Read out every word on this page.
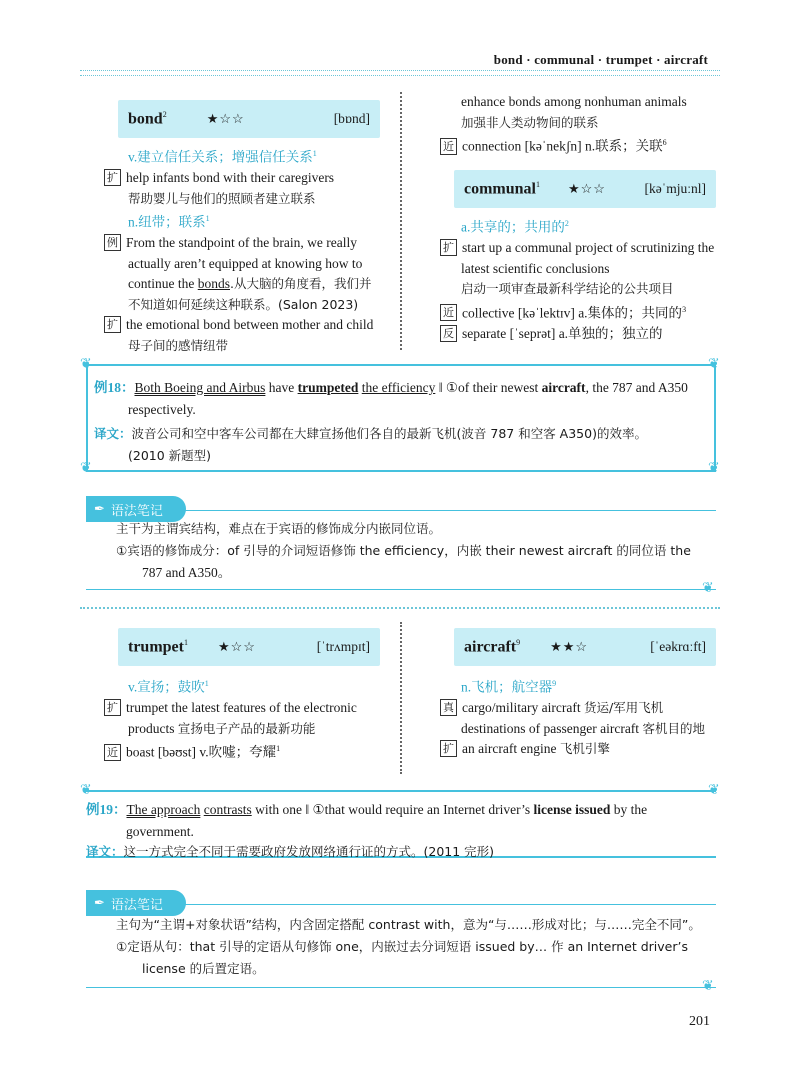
bond · communal · trumpet · aircraft
bond$^2$	★☆☆	[bɒnd]
v.建立信任关系；增强信任关系$^1$
扩 help infants bond with their caregivers
帮助婴儿与他们的照顾者建立联系
n.纽带；联系$^1$
例 From the standpoint of the brain, we really
actually aren’t equipped at knowing how to
continue the bonds.从大脑的角度看，我们并
不知道如何延续这种联系。(Salon 2023)
扩 the emotional bond between mother and child
母子间的感情纽带
enhance bonds among nonhuman animals
加强非人类动物间的联系
近 connection [kəˈnekʃn] n.联系；关联$^6$
communal$^1$ ★☆☆	[kəˈmjuːnl]
a.共享的；共用的$^2$
扩 start up a communal project of scrutinizing the
latest scientific conclusions
启动一项审查最新科学结论的公共项目
近 collective [kəˈlektɪv] a.集体的；共同的$^3$
反 separate [ˈseprət] a.单独的；独立的
例18：Both Boeing and Airbus have trumpeted the efficiency ‖ ①of their newest aircraft, the 787 and A350
respectively.
译文：波音公司和空中客车公司都在大肆宣扬他们各自的最新飞机(波音 787 和空客 A350)的效率。
(2010 新题型)
❦	❦
❦	❦
✒ 语法笔记
主干为主谓宾结构，难点在于宾语的修饰成分内嵌同位语。
①宾语的修饰成分：of 引导的介词短语修饰 the efficiency，内嵌 their newest aircraft 的同位语 the
787 and A350。
❦
trumpet$^1$ ★☆☆	[ˈtrʌmpɪt]
v.宣扬；鼓吹$^1$
扩 trumpet the latest features of the electronic
products 宣扬电子产品的最新功能
近 boast [bəʊst] v.吹嘘；夸耀$^1$
aircraft$^9$ ★★☆	[ˈeəkrɑːft]
n.飞机；航空器$^9$
真 cargo/military aircraft 货运/军用飞机
destinations of passenger aircraft 客机目的地
扩 an aircraft engine 飞机引擎
例19：The approach contrasts with one ‖ ①that would require an Internet driver’s license issued by the
government.
译文：这一方式完全不同于需要政府发放网络通行证的方式。(2011 完形)
❦	❦
✒ 语法笔记
主句为“主谓+对象状语”结构，内含固定搭配 contrast with，意为“与……形成对比；与……完全不同”。
①定语从句：that 引导的定语从句修饰 one，内嵌过去分词短语 issued by… 作 an Internet driver’s
license 的后置定语。
❦
201
